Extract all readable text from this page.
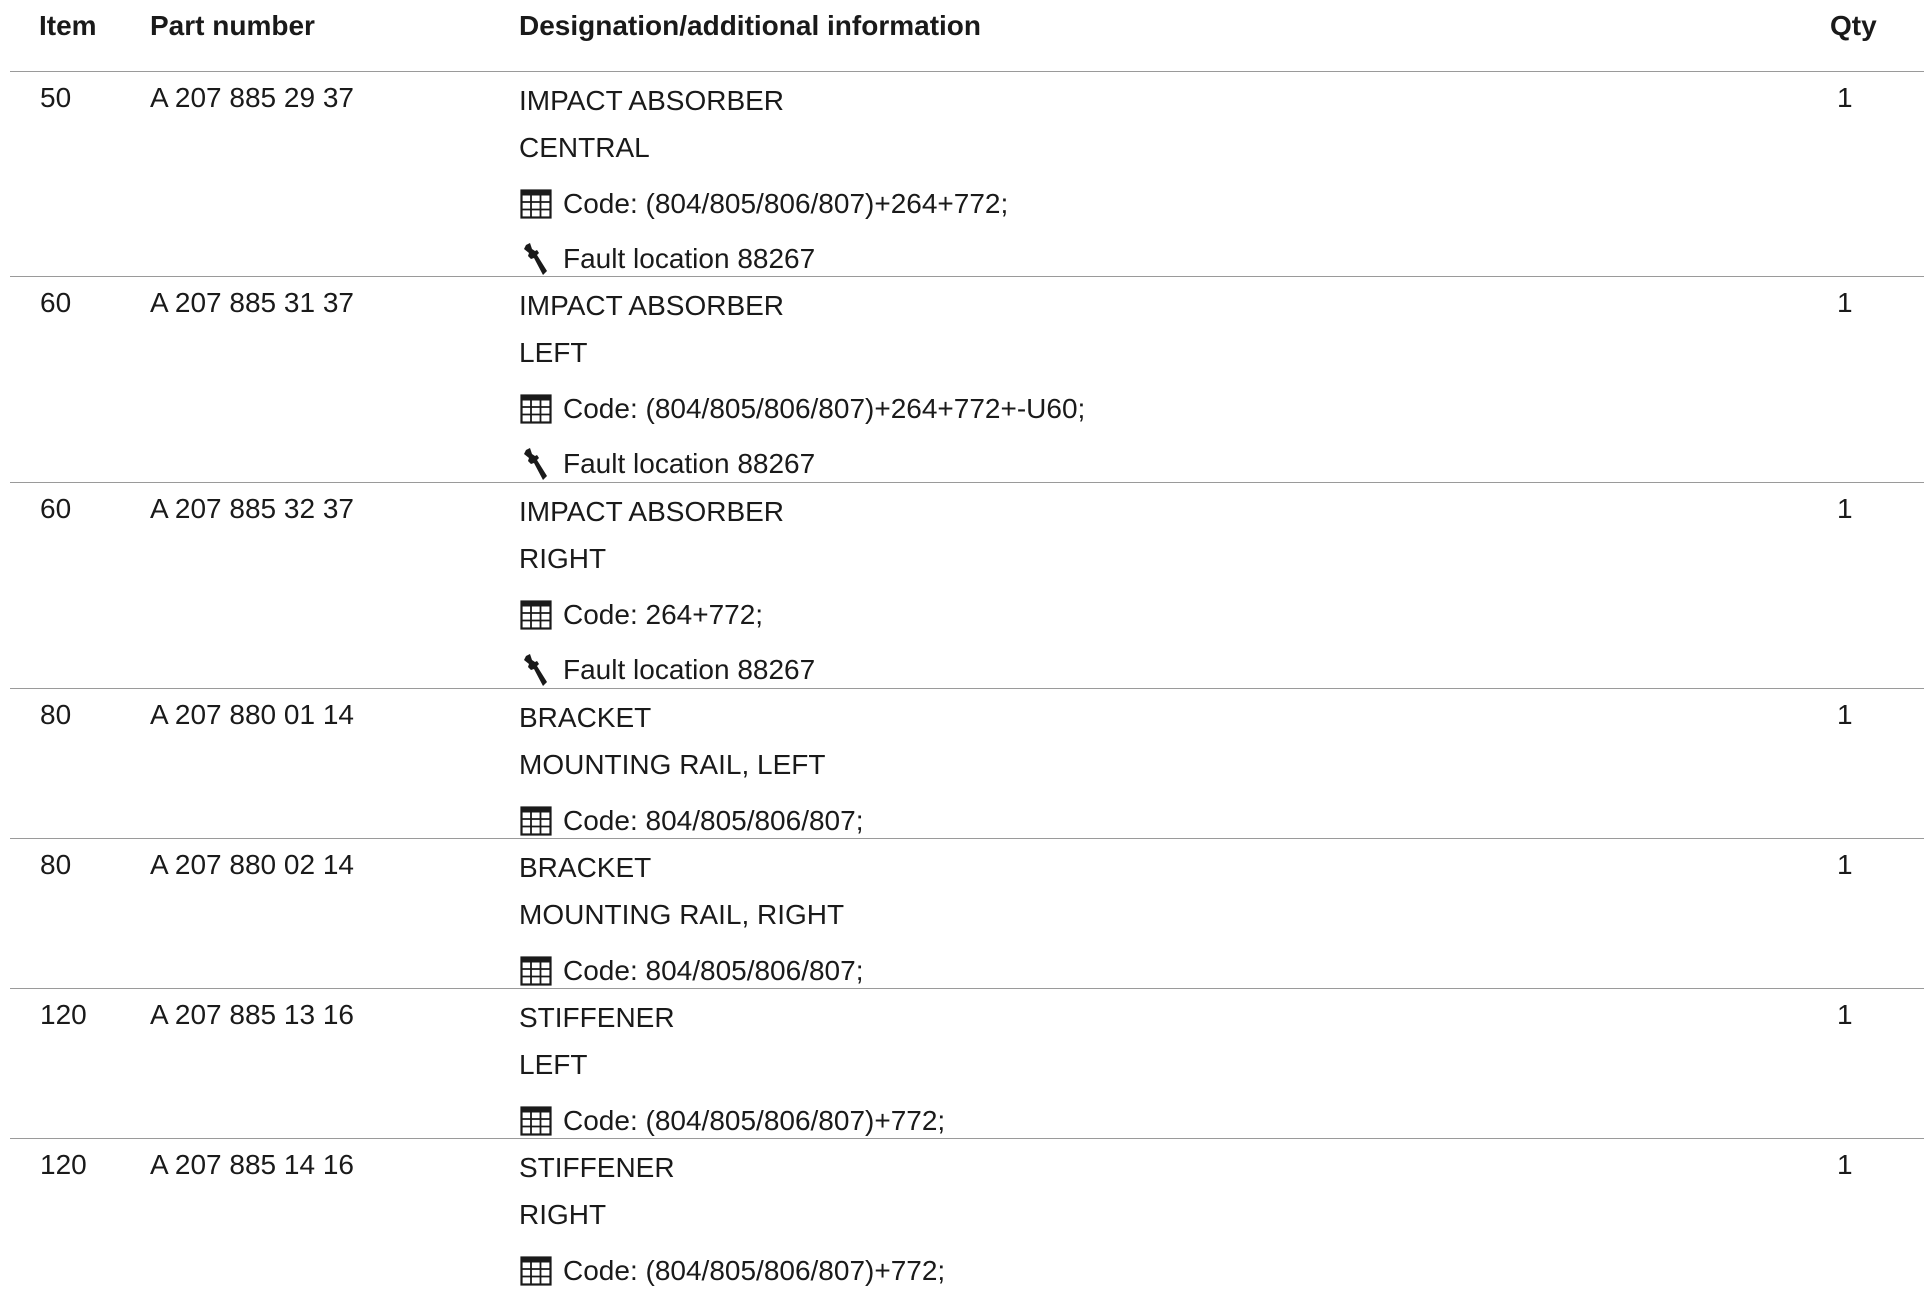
Item Part number	Designation/additional information	Qty
50	A 207 885 29 37	IMPACT ABSORBER
CENTRAL
Code: (804/805/806/807)+264+772;
Fault location 88267
1
60	A 207 885 31 37	IMPACT ABSORBER
LEFT
Code: (804/805/806/807)+264+772+-U60;
Fault location 88267
1
60	A 207 885 32 37	IMPACT ABSORBER
RIGHT
Code: 264+772;
Fault location 88267
1
80	A 207 880 01 14	BRACKET
MOUNTING RAIL, LEFT
Code: 804/805/806/807;
1
80	A 207 880 02 14	BRACKET
MOUNTING RAIL, RIGHT
Code: 804/805/806/807;
1
120 A 207 885 13 16	STIFFENER
LEFT
Code: (804/805/806/807)+772;
1
120 A 207 885 14 16	STIFFENER
RIGHT
Code: (804/805/806/807)+772;
1
